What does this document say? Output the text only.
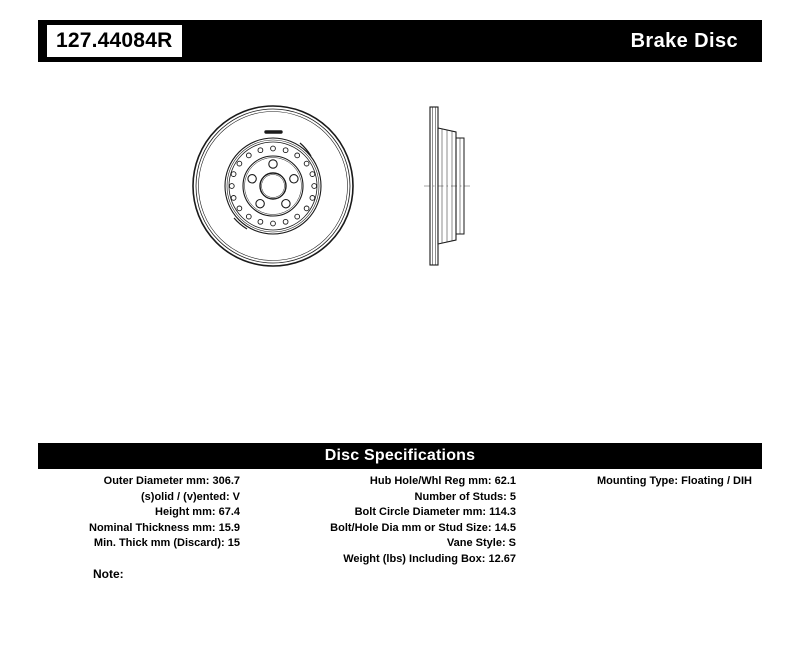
127.44084R	Brake Disc
Disc Specifications
Outer Diameter mm: 306.7
(s)olid / (v)ented: V
Height mm: 67.4
Nominal Thickness mm: 15.9
Min. Thick mm (Discard): 15
Hub Hole/Whl Reg mm: 62.1
Number of Studs: 5
Bolt Circle Diameter mm: 114.3
Bolt/Hole Dia mm or Stud Size: 14.5
Vane Style: S
Weight (lbs) Including Box: 12.67
Mounting Type: Floating / DIH
Note:
